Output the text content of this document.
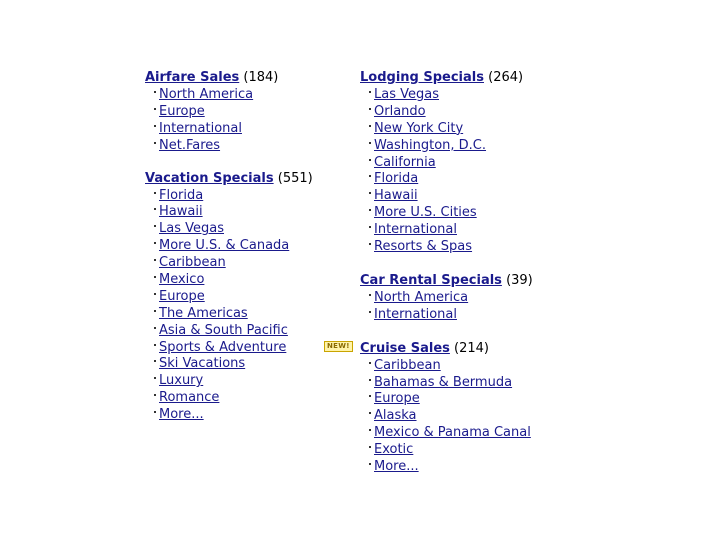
Airfare Sales (184)
North America
Europe
International
Net.Fares
Vacation Specials (551)
Florida
Hawaii
Las Vegas
More U.S. & Canada
Caribbean
Mexico
Europe
The Americas
Asia & South Pacific
Sports & Adventure
Ski Vacations
Luxury
Romance
More...
Lodging Specials (264)
Las Vegas
Orlando
New York City
Washington, D.C.
California
Florida
Hawaii
More U.S. Cities
International
Resorts & Spas
Car Rental Specials (39)
North America
International
Cruise Sales (214)
Caribbean
Bahamas & Bermuda
Europe
Alaska
Mexico & Panama Canal
Exotic
More...
NEW!
